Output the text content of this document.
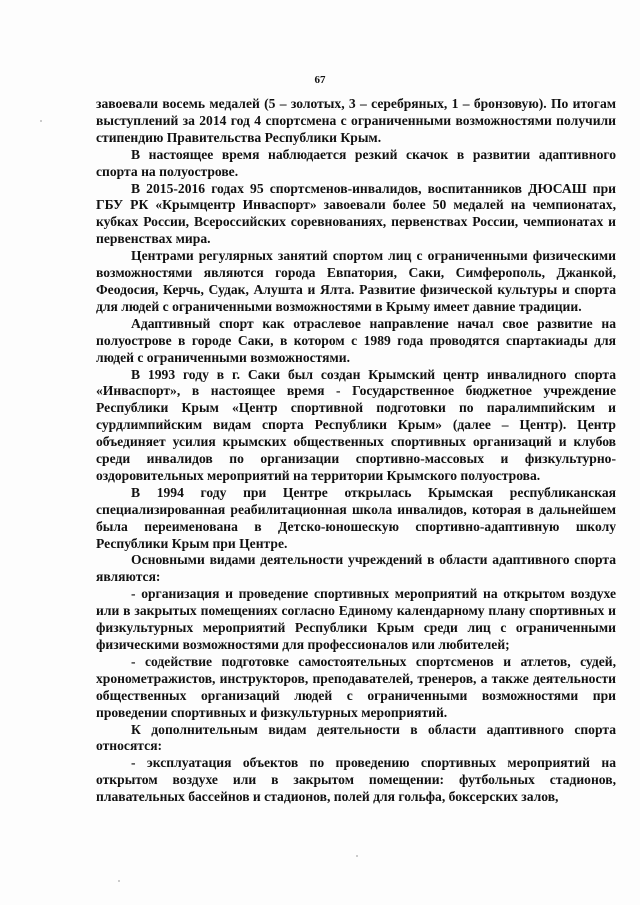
67

завоевали восемь медалей (5 – золотых, 3 – серебряных, 1 – бронзовую). По итогам выступлений за 2014 год 4 спортсмена с ограниченными возможностями получили стипендию Правительства Республики Крым.

В настоящее время наблюдается резкий скачок в развитии адаптивного спорта на полуострове.

В 2015-2016 годах 95 спортсменов-инвалидов, воспитанников ДЮСАШ при ГБУ РК «Крымцентр Инваспорт» завоевали более 50 медалей на чемпионатах, кубках России, Всероссийских соревнованиях, первенствах России, чемпионатах и первенствах мира.

Центрами регулярных занятий спортом лиц с ограниченными физическими возможностями являются города Евпатория, Саки, Симферополь, Джанкой, Феодосия, Керчь, Судак, Алушта и Ялта. Развитие физической культуры и спорта для людей с ограниченными возможностями в Крыму имеет давние традиции.

Адаптивный спорт как отраслевое направление начал свое развитие на полуострове в городе Саки, в котором с 1989 года проводятся спартакиады для людей с ограниченными возможностями.

В 1993 году в г. Саки был создан Крымский центр инвалидного спорта «Инваспорт», в настоящее время - Государственное бюджетное учреждение Республики Крым «Центр спортивной подготовки по паралимпийским и сурдлимпийским видам спорта Республики Крым» (далее – Центр). Центр объединяет усилия крымских общественных спортивных организаций и клубов среди инвалидов по организации спортивно-массовых и физкультурно-оздоровительных мероприятий на территории Крымского полуострова.

В 1994 году при Центре открылась Крымская республиканская специализированная реабилитационная школа инвалидов, которая в дальнейшем была переименована в Детско-юношескую спортивно-адаптивную школу Республики Крым при Центре.

Основными видами деятельности учреждений в области адаптивного спорта являются:

- организация и проведение спортивных мероприятий на открытом воздухе или в закрытых помещениях согласно Единому календарному плану спортивных и физкультурных мероприятий Республики Крым среди лиц с ограниченными физическими возможностями для профессионалов или любителей;

- содействие подготовке самостоятельных спортсменов и атлетов, судей, хронометражистов, инструкторов, преподавателей, тренеров, а также деятельности общественных организаций людей с ограниченными возможностями при проведении спортивных и физкультурных мероприятий.

К дополнительным видам деятельности в области адаптивного спорта относятся:

- эксплуатация объектов по проведению спортивных мероприятий на открытом воздухе или в закрытом помещении: футбольных стадионов, плавательных бассейнов и стадионов, полей для гольфа, боксерских залов,
